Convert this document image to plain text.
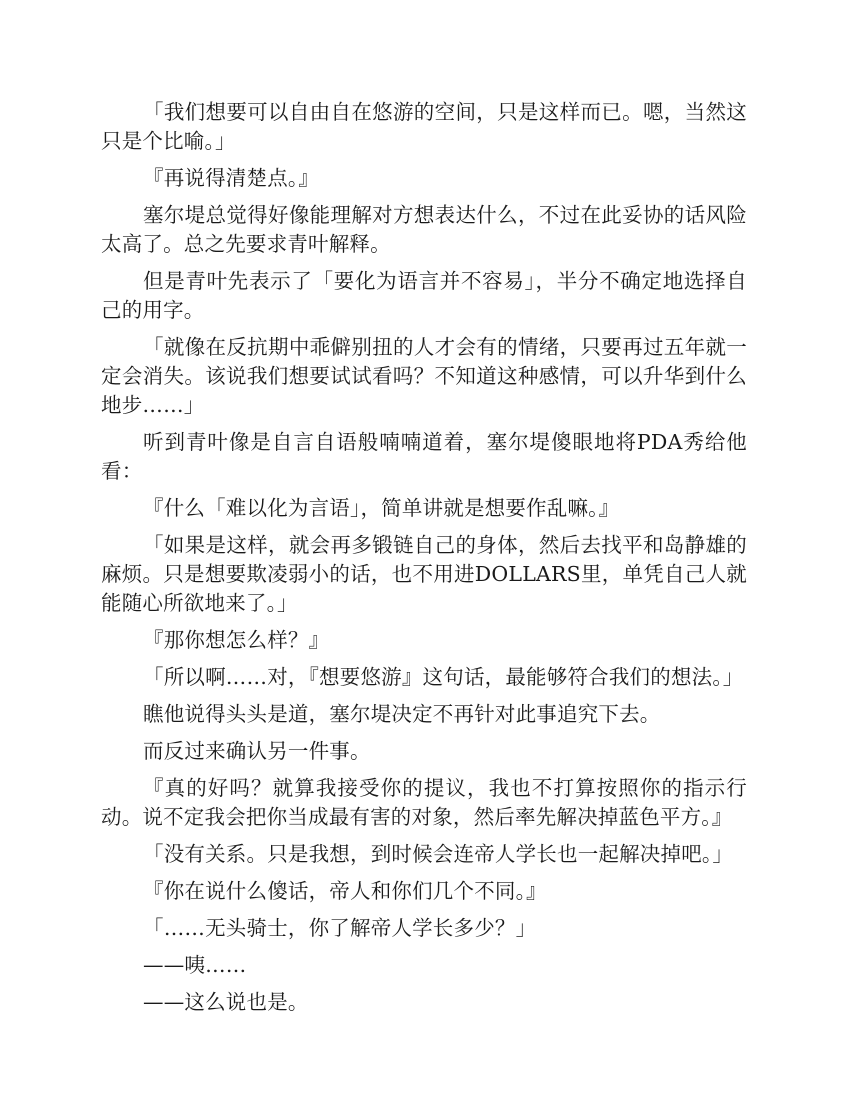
「我们想要可以自由自在悠游的空间，只是这样而已。嗯，当然这只是个比喻。」

『再说得清楚点。』

塞尔堤总觉得好像能理解对方想表达什么，不过在此妥协的话风险太高了。总之先要求青叶解释。

但是青叶先表示了「要化为语言并不容易」，半分不确定地选择自己的用字。

「就像在反抗期中乖僻别扭的人才会有的情绪，只要再过五年就一定会消失。该说我们想要试试看吗？不知道这种感情，可以升华到什么地步……」

听到青叶像是自言自语般喃喃道着，塞尔堤傻眼地将PDA秀给他看：

『什么「难以化为言语」，简单讲就是想要作乱嘛。』

「如果是这样，就会再多锻链自己的身体，然后去找平和岛静雄的麻烦。只是想要欺凌弱小的话，也不用进DOLLARS里，单凭自己人就能随心所欲地来了。」

『那你想怎么样？』

「所以啊……对，『想要悠游』这句话，最能够符合我们的想法。」

瞧他说得头头是道，塞尔堤决定不再针对此事追究下去。

而反过来确认另一件事。

『真的好吗？就算我接受你的提议，我也不打算按照你的指示行动。说不定我会把你当成最有害的对象，然后率先解决掉蓝色平方。』

「没有关系。只是我想，到时候会连帝人学长也一起解决掉吧。」

『你在说什么傻话，帝人和你们几个不同。』

「……无头骑士，你了解帝人学长多少？」

——咦……

——这么说也是。
